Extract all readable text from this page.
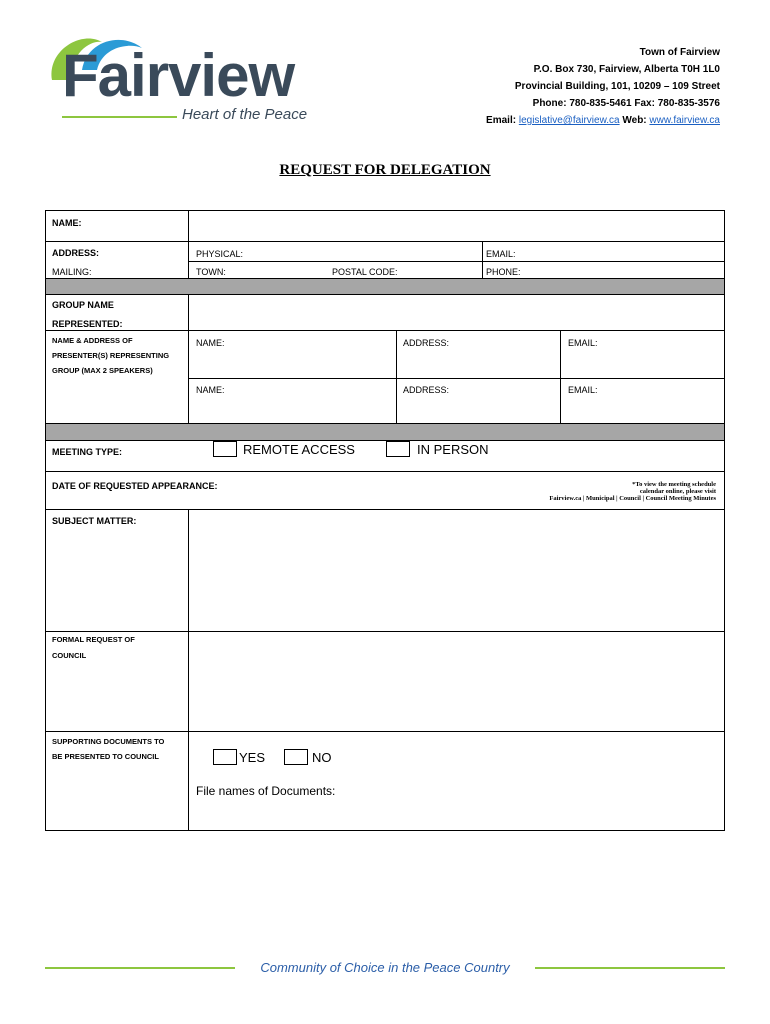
Fairview
Heart of the Peace
Town of Fairview
P.O. Box 730, Fairview, Alberta T0H 1L0
Provincial Building, 101, 10209 – 109 Street
Phone: 780-835-5461 Fax: 780-835-3576
Email: legislative@fairview.ca Web: www.fairview.ca
REQUEST FOR DELEGATION
NAME:
ADDRESS:	PHYSICAL:	EMAIL:
MAILING:	TOWN:	POSTAL CODE:	PHONE:
GROUP NAME
REPRESENTED:
NAME & ADDRESS OF
PRESENTER(S) REPRESENTING
GROUP (MAX 2 SPEAKERS)
NAME:	ADDRESS:	EMAIL:
NAME:	ADDRESS:	EMAIL:
MEETING TYPE:	REMOTE ACCESS	IN PERSON
DATE OF REQUESTED APPEARANCE:	*To view the meeting schedule
calendar online, please visit
Fairview.ca | Municipal | Council | Council Meeting Minutes
SUBJECT MATTER:
FORMAL REQUEST OF
COUNCIL
SUPPORTING DOCUMENTS TO
BE PRESENTED TO COUNCIL	YES	NO
File names of Documents:
Community of Choice in the Peace Country
